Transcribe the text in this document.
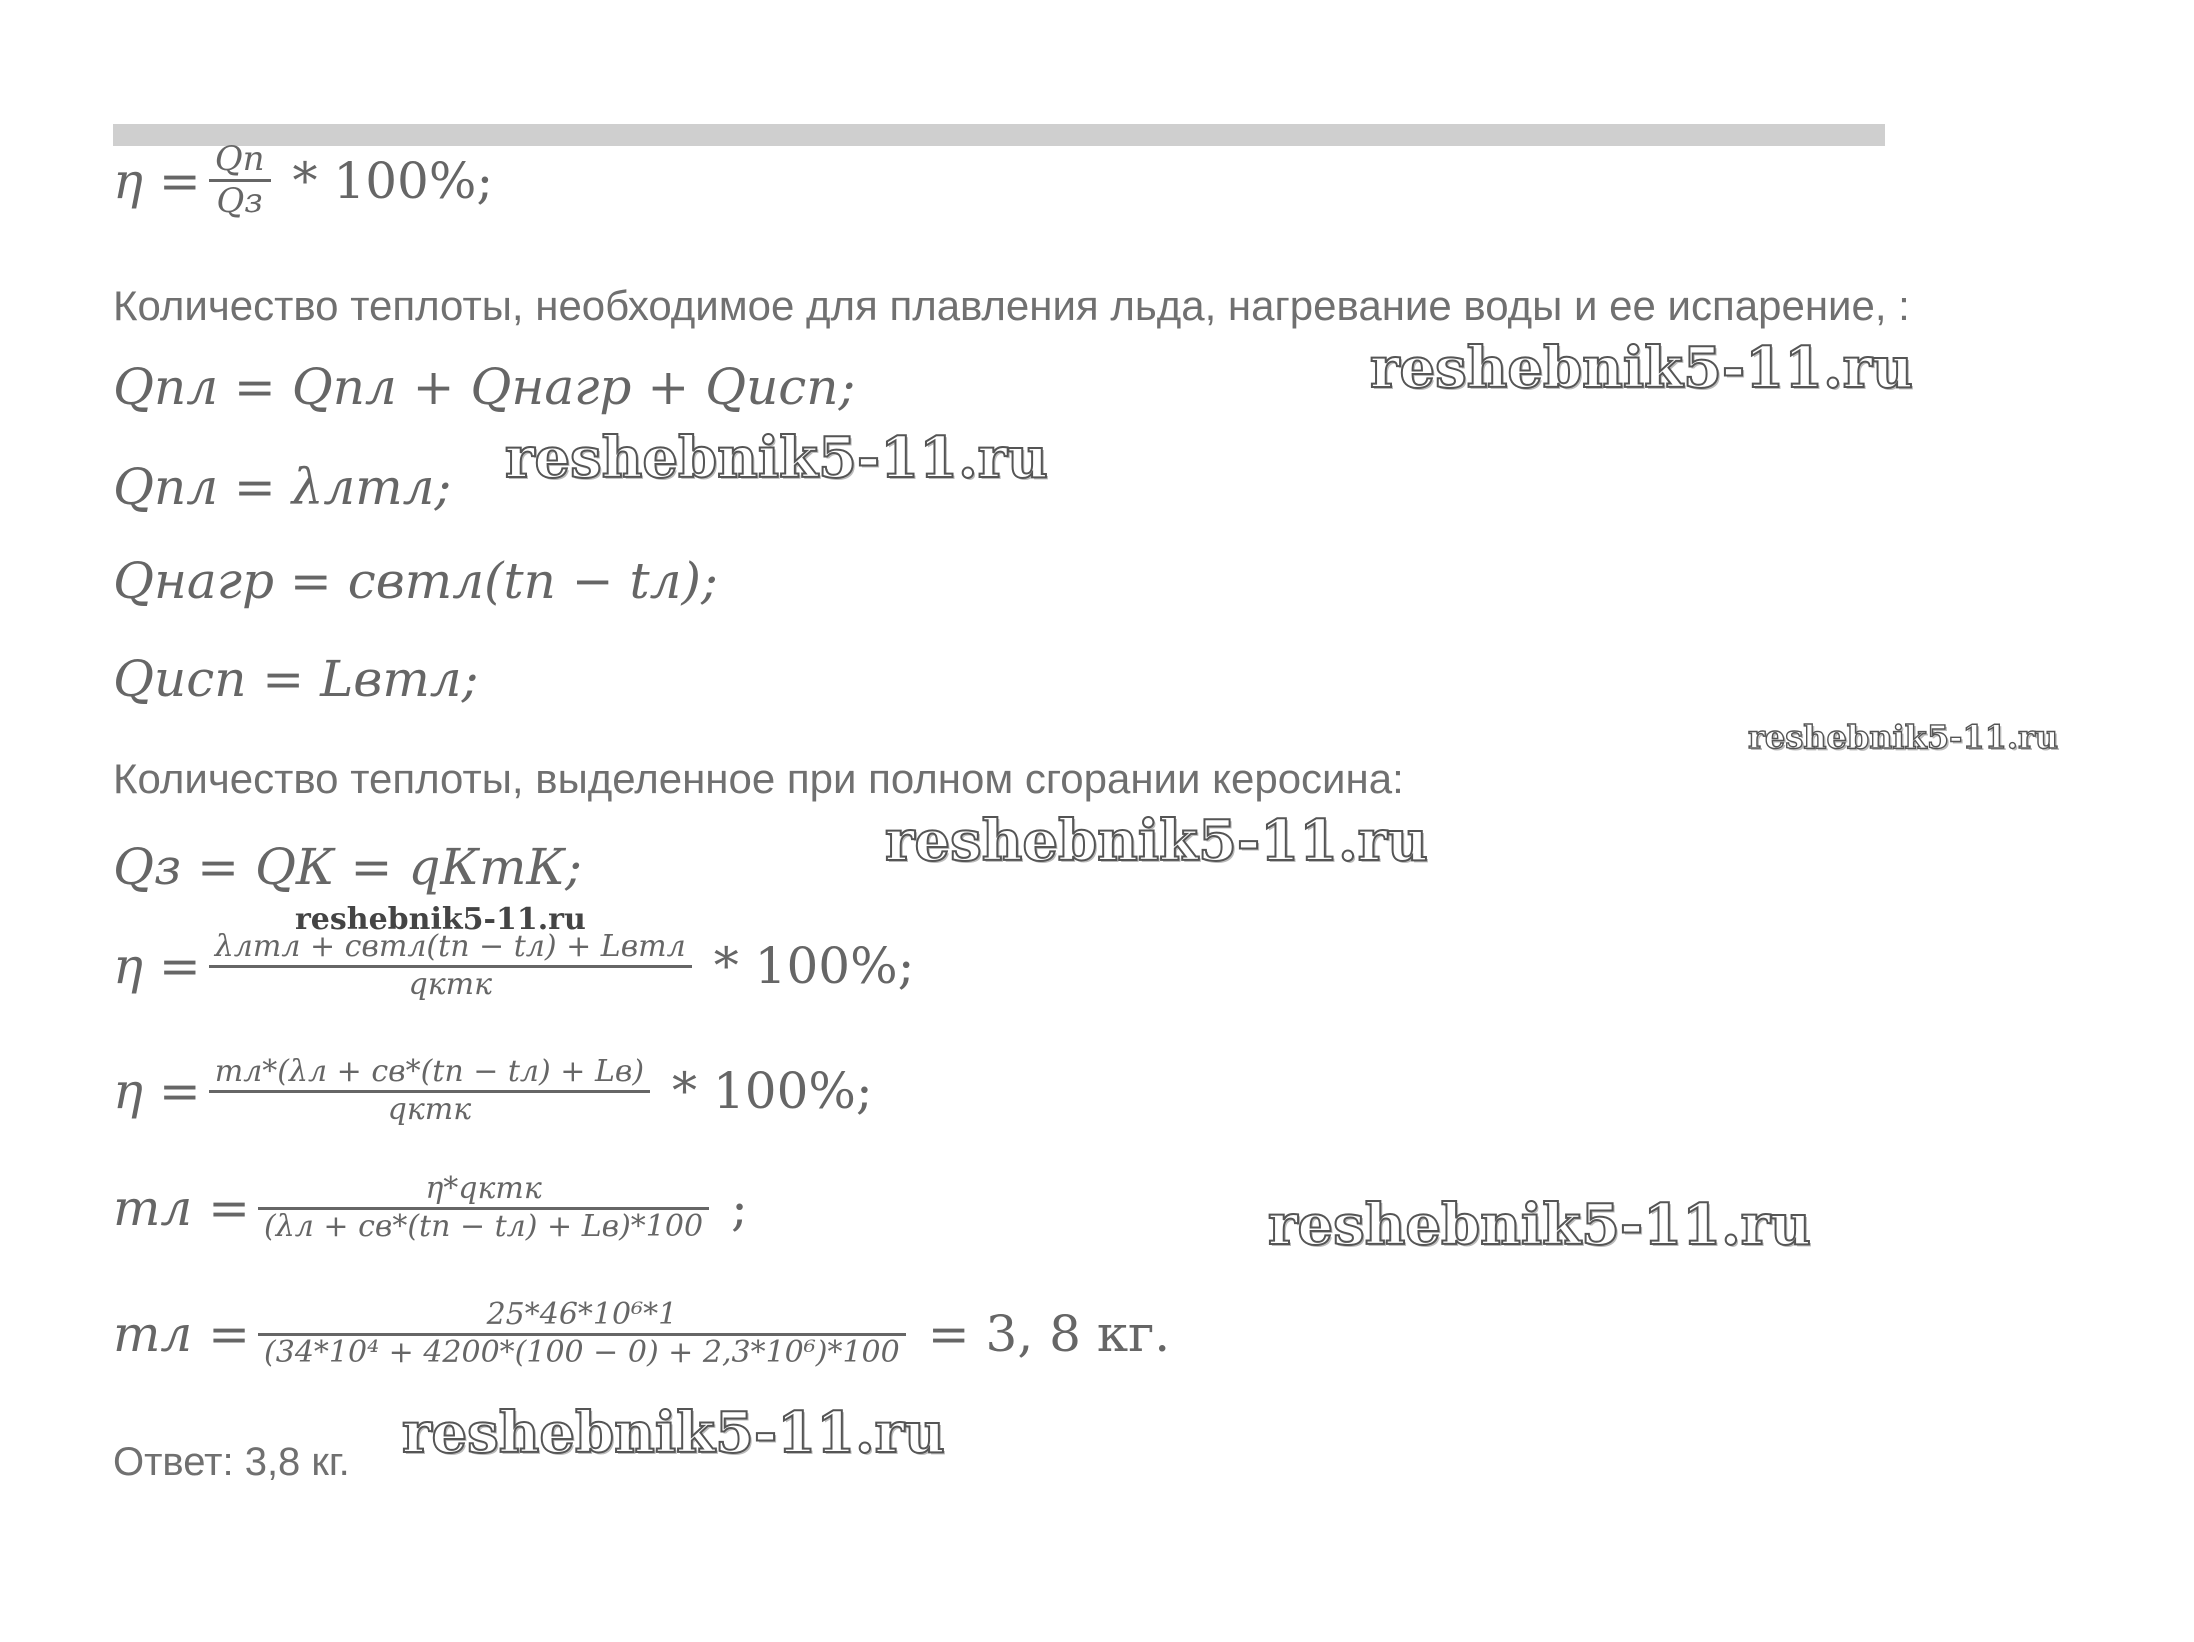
$\eta = \frac{Qп}{Qз} * 100\%$;
Количество теплоты, необходимое для плавления льда, нагревание воды и ее испарение, :
Qпл = Qпл + Qнагр + Qисп;
Qпл = λлmл;
Qнагр = cвmл(tп − tл);
Qисп = Lвmл;
Количество теплоты, выделенное при полном сгорании керосина:
Qз = QК = qКmК;
$\eta = \frac{\text{λлmл + cвmл(tп − tл) + Lвmл}}{\text{qкmк}} * 100\%$;
$\eta = \frac{mл*(\lambda л + cв*(tп - tл) + Lв)}{\text{qкmк}} * 100\%$;
mл = $\frac{\text{η*qкmк}}{(\lambda л + cв*(tп - tл) + Lв)*100}$ ;
mл = $\frac{\text{25*46*10⁶*1}}{\text{(34*10⁴ + 4200*(100 − 0) + 2,3*10⁶)*100}} = 3$, 8 кг.
Ответ: 3,8 кг.
reshebnik5-11.ru
reshebnik5-11.ru
reshebnik5-11.ru
reshebnik5-11.ru
reshebnik5-11.ru
reshebnik5-11.ru
reshebnik5-11.ru
